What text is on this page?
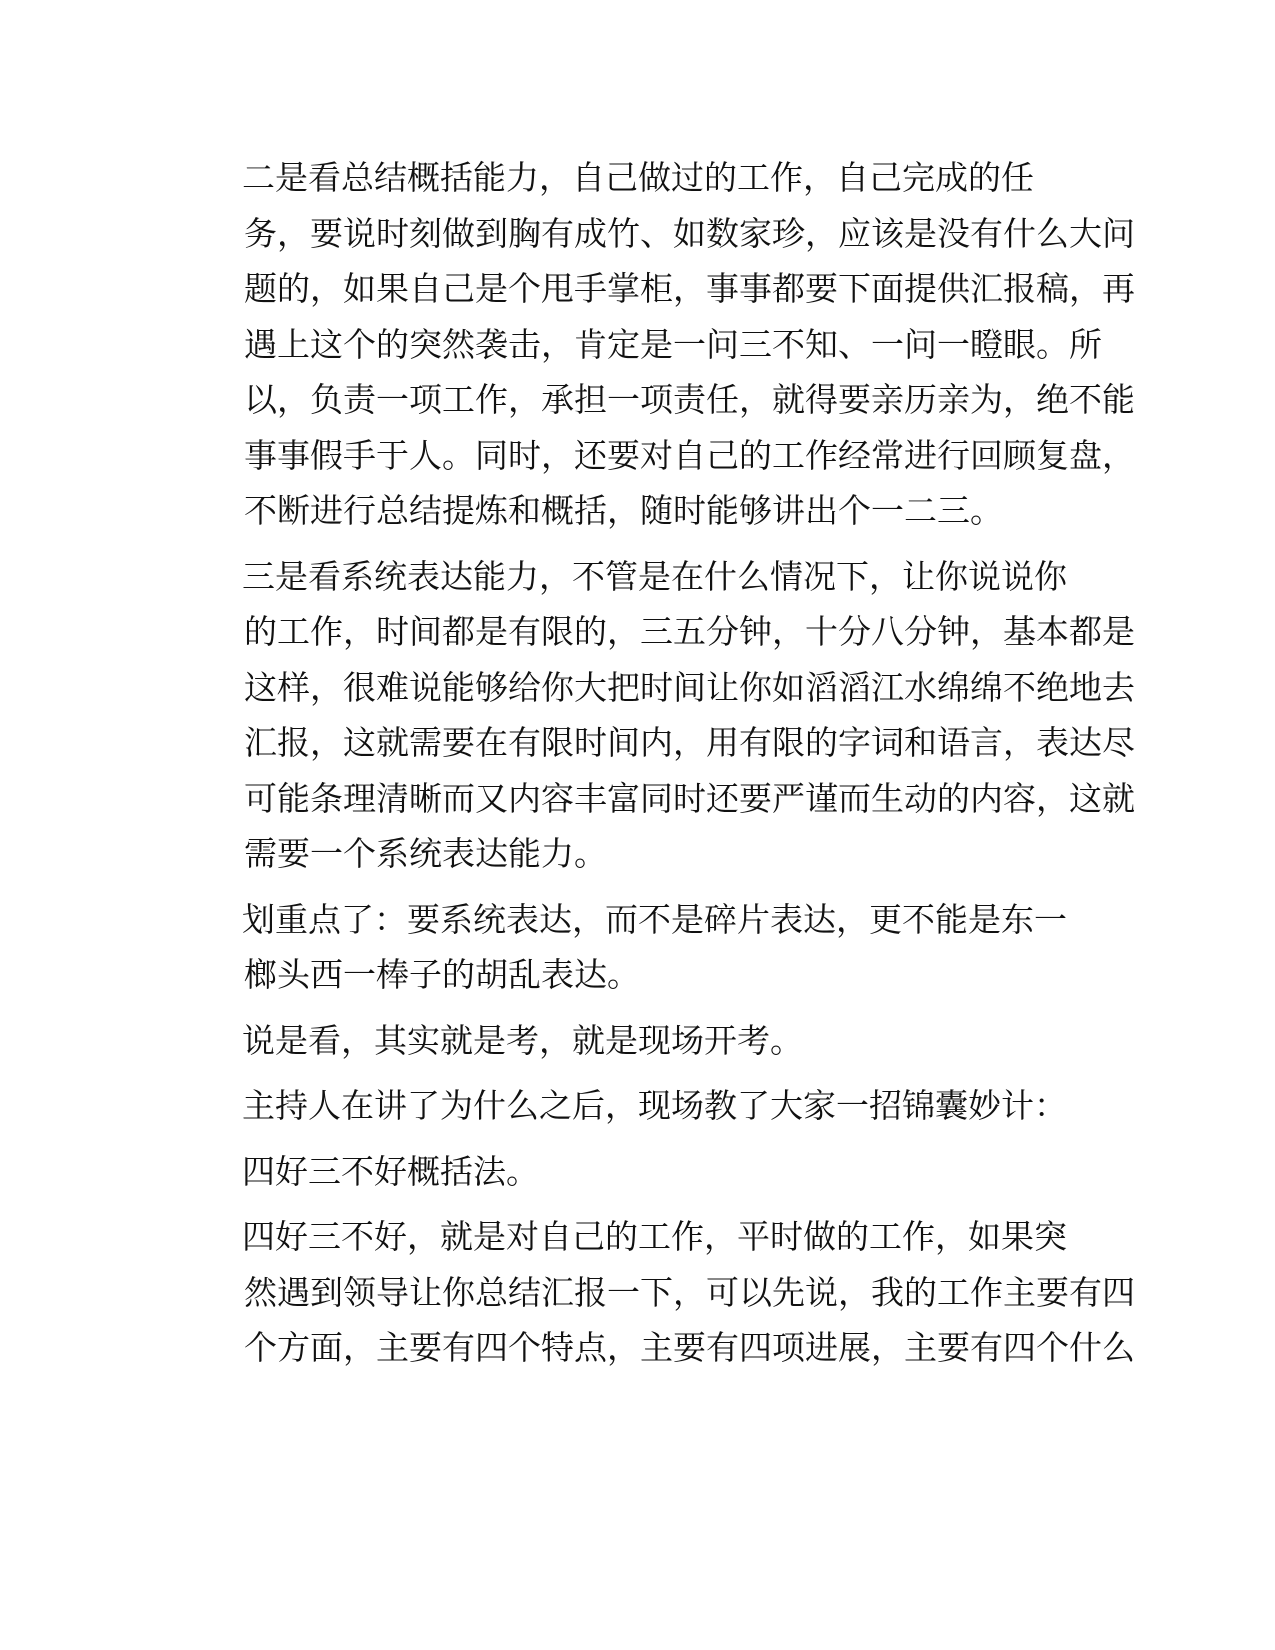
二是看总结概括能力，自己做过的工作，自己完成的任
务，要说时刻做到胸有成竹、如数家珍，应该是没有什么大问
题的，如果自己是个甩手掌柜，事事都要下面提供汇报稿，再
遇上这个的突然袭击，肯定是一问三不知、一问一瞪眼。所
以，负责一项工作，承担一项责任，就得要亲历亲为，绝不能
事事假手于人。同时，还要对自己的工作经常进行回顾复盘，
不断进行总结提炼和概括，随时能够讲出个一二三。
三是看系统表达能力，不管是在什么情况下，让你说说你
的工作，时间都是有限的，三五分钟，十分八分钟，基本都是
这样，很难说能够给你大把时间让你如滔滔江水绵绵不绝地去
汇报，这就需要在有限时间内，用有限的字词和语言，表达尽
可能条理清晰而又内容丰富同时还要严谨而生动的内容，这就
需要一个系统表达能力。
划重点了：要系统表达，而不是碎片表达，更不能是东一
榔头西一棒子的胡乱表达。
说是看，其实就是考，就是现场开考。
主持人在讲了为什么之后，现场教了大家一招锦囊妙计：
四好三不好概括法。
四好三不好，就是对自己的工作，平时做的工作，如果突
然遇到领导让你总结汇报一下，可以先说，我的工作主要有四
个方面，主要有四个特点，主要有四项进展，主要有四个什么
